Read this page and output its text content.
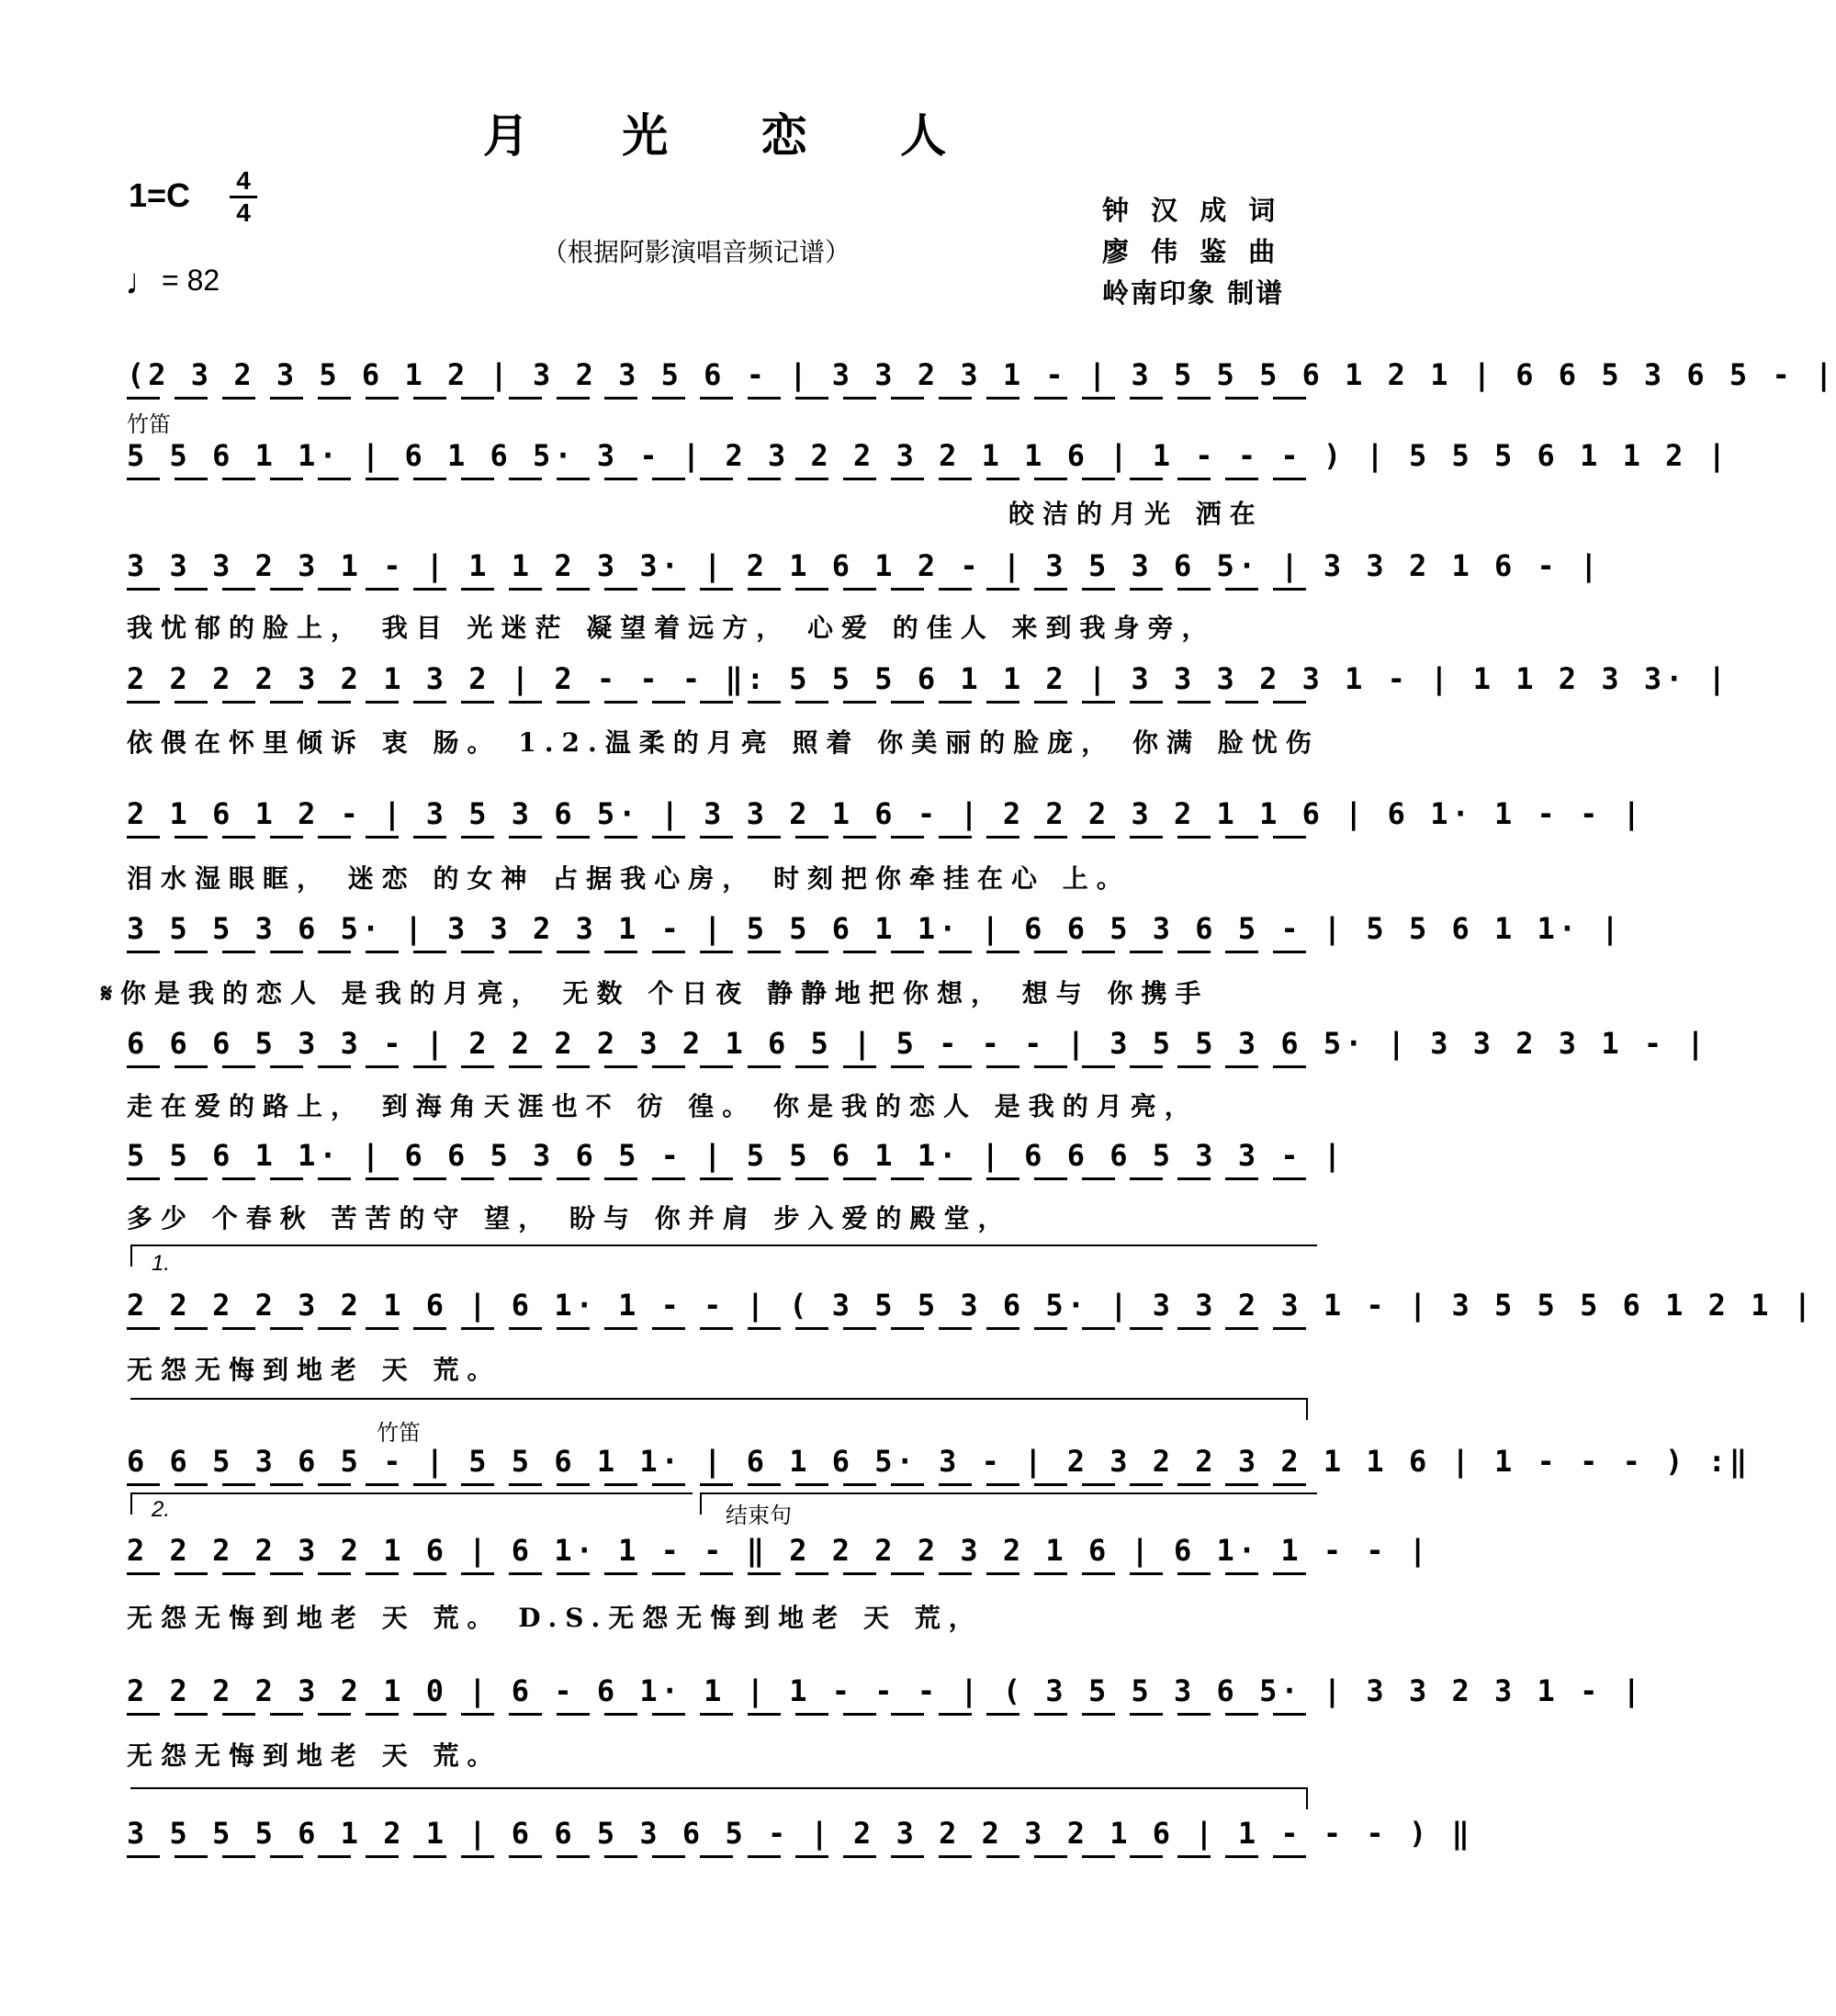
月 光 恋 人
1=C 4
4
♩= 82
（根据阿影演唱音频记谱）
钟 汉 成 词
廖 伟 鉴 曲
岭南印象 制谱
竹笛
竹笛
1.
2.	结束句
(2 3 2 3 5 6 1 2 | 3 2 3 5 6 - | 3 3 2 3 1 - | 3 5 5 5 6 1 2 1 | 6 6 5 3 6 5 - |
5 5 6 1 1· | 6 1 6 5· 3 - | 2 3 2 2 3 2 1 1 6 | 1 - - - ) | 5 5 5 6 1 1 2 |
皎洁的月光 洒在
3 3 3 2 3 1 - | 1 1 2 3 3· | 2 1 6 1 2 - | 3 5 3 6 5· | 3 3 2 1 6 - |
我忧郁的脸上， 我目 光迷茫 凝望着远方， 心爱 的佳人 来到我身旁，
2 2 2 2 3 2 1 3 2 | 2 - - - ‖: 5 5 5 6 1 1 2 | 3 3 3 2 3 1 - | 1 1 2 3 3· |
依偎在怀里倾诉 衷 肠。 1.2.温柔的月亮 照着 你美丽的脸庞， 你满 脸忧伤
2 1 6 1 2 - | 3 5 3 6 5· | 3 3 2 1 6 - | 2 2 2 3 2 1 1 6 | 6 1· 1 - - |
泪水湿眼眶， 迷恋 的女神 占据我心房， 时刻把你牵挂在心 上。
3 5 5 3 6 5· | 3 3 2 3 1 - | 5 5 6 1 1· | 6 6 5 3 6 5 - | 5 5 6 1 1· |
𝄋你是我的恋人 是我的月亮， 无数 个日夜 静静地把你想， 想与 你携手
6 6 6 5 3 3 - | 2 2 2 2 3 2 1 6 5 | 5 - - - | 3 5 5 3 6 5· | 3 3 2 3 1 - |
走在爱的路上， 到海角天涯也不 彷 徨。 你是我的恋人 是我的月亮，
5 5 6 1 1· | 6 6 5 3 6 5 - | 5 5 6 1 1· | 6 6 6 5 3 3 - |
多少 个春秋 苦苦的守 望， 盼与 你并肩 步入爱的殿堂，
2 2 2 2 3 2 1 6 | 6 1· 1 - - | ( 3 5 5 3 6 5· | 3 3 2 3 1 - | 3 5 5 5 6 1 2 1 |
无怨无悔到地老 天 荒。
6 6 5 3 6 5 - | 5 5 6 1 1· | 6 1 6 5· 3 - | 2 3 2 2 3 2 1 1 6 | 1 - - - ) :‖
2 2 2 2 3 2 1 6 | 6 1· 1 - - ‖ 2 2 2 2 3 2 1 6 | 6 1· 1 - - |
无怨无悔到地老 天 荒。 D.S.无怨无悔到地老 天 荒，
2 2 2 2 3 2 1 0 | 6 - 6 1· 1 | 1 - - - | ( 3 5 5 3 6 5· | 3 3 2 3 1 - |
无怨无悔到地老 天 荒。
3 5 5 5 6 1 2 1 | 6 6 5 3 6 5 - | 2 3 2 2 3 2 1 6 | 1 - - - ) ‖
